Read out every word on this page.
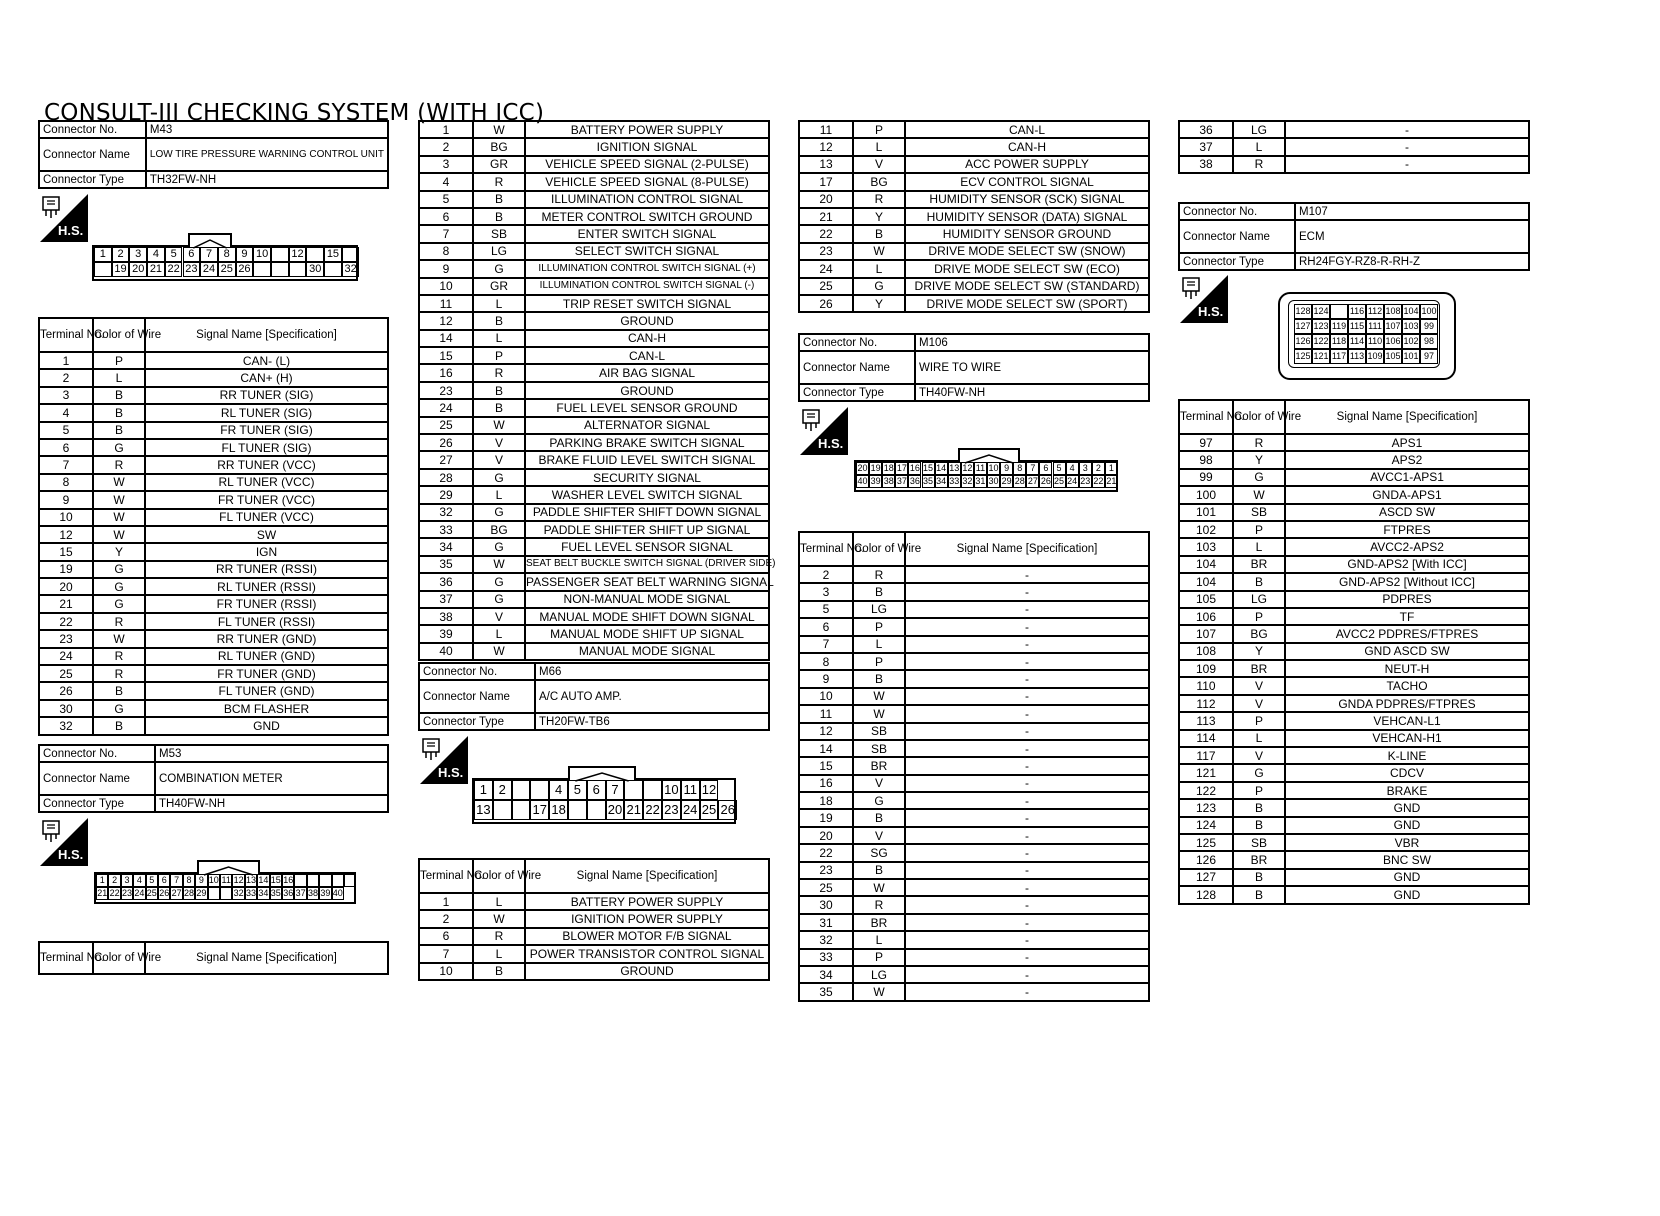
CONSULT-III CHECKING SYSTEM (WITH ICC)
Connector No.	M43
Connector Name	LOW TIRE PRESSURE WARNING CONTROL UNIT
Connector Type	TH32FW-NH
H.S.
1	2	3	4	5	6	7	8	9 10 12 15
19 20 21 22 23 24 25 26	30 32
Terminal No.	Color of Wire	Signal Name [Specification]
1	P	CAN- (L)
2	L	CAN+ (H)
3	B	RR TUNER (SIG)
4	B	RL TUNER (SIG)
5	B	FR TUNER (SIG)
6	G	FL TUNER (SIG)
7	R	RR TUNER (VCC)
8	W	RL TUNER (VCC)
9	W	FR TUNER (VCC)
10	W	FL TUNER (VCC)
12	W	SW
15	Y	IGN
19	G	RR TUNER (RSSI)
20	G	RL TUNER (RSSI)
21	G	FR TUNER (RSSI)
22	R	FL TUNER (RSSI)
23	W	RR TUNER (GND)
24	R	RL TUNER (GND)
25	R	FR TUNER (GND)
26	B	FL TUNER (GND)
30	G	BCM FLASHER
32	B	GND
Connector No.	M53
Connector Name	COMBINATION METER
Connector Type	TH40FW-NH
H.S.
1 2 3 4 5 6 7 8 9 10 11 12 13 14 15 16
21 22 23 24 25 26 27 28 29	32 33 34 35 36 37 38 39 40
Terminal No.	Color of Wire	Signal Name [Specification]
1	W	BATTERY POWER SUPPLY
2	BG	IGNITION SIGNAL
3	GR	VEHICLE SPEED SIGNAL (2-PULSE)
4	R	VEHICLE SPEED SIGNAL (8-PULSE)
5	B	ILLUMINATION CONTROL SIGNAL
6	B	METER CONTROL SWITCH GROUND
7	SB	ENTER SWITCH SIGNAL
8	LG	SELECT SWITCH SIGNAL
9	G	ILLUMINATION CONTROL SWITCH SIGNAL (+)
10	GR	ILLUMINATION CONTROL SWITCH SIGNAL (-)
11	L	TRIP RESET SWITCH SIGNAL
12	B	GROUND
14	L	CAN-H
15	P	CAN-L
16	R	AIR BAG SIGNAL
23	B	GROUND
24	B	FUEL LEVEL SENSOR GROUND
25	W	ALTERNATOR SIGNAL
26	V	PARKING BRAKE SWITCH SIGNAL
27	V	BRAKE FLUID LEVEL SWITCH SIGNAL
28	G	SECURITY SIGNAL
29	L	WASHER LEVEL SWITCH SIGNAL
32	G	PADDLE SHIFTER SHIFT DOWN SIGNAL
33	BG	PADDLE SHIFTER SHIFT UP SIGNAL
34	G	FUEL LEVEL SENSOR SIGNAL
35	W	SEAT BELT BUCKLE SWITCH SIGNAL (DRIVER SIDE)
36	G	PASSENGER SEAT BELT WARNING SIGNAL
37	G	NON-MANUAL MODE SIGNAL
38	V	MANUAL MODE SHIFT DOWN SIGNAL
39	L	MANUAL MODE SHIFT UP SIGNAL
40	W	MANUAL MODE SIGNAL
Connector No.	M66
Connector Name	A/C AUTO AMP.
Connector Type	TH20FW-TB6
H.S.
1 2	4 5 6 7	10 11 12
13	17 18	20 21 22 23 24 25 26
Terminal No.	Color of Wire	Signal Name [Specification]
1	L	BATTERY POWER SUPPLY
2	W	IGNITION POWER SUPPLY
6	R	BLOWER MOTOR F/B SIGNAL
7	L	POWER TRANSISTOR CONTROL SIGNAL
10	B	GROUND
11	P	CAN-L
12	L	CAN-H
13	V	ACC POWER SUPPLY
17	BG	ECV CONTROL SIGNAL
20	R	HUMIDITY SENSOR (SCK) SIGNAL
21	Y	HUMIDITY SENSOR (DATA) SIGNAL
22	B	HUMIDITY SENSOR GROUND
23	W	DRIVE MODE SELECT SW (SNOW)
24	L	DRIVE MODE SELECT SW (ECO)
25	G	DRIVE MODE SELECT SW (STANDARD)
26	Y	DRIVE MODE SELECT SW (SPORT)
Connector No.	M106
Connector Name	WIRE TO WIRE
Connector Type	TH40FW-NH
H.S.
20 19 18 17 16 15 14 13 12 11 10 9 8 7 6 5 4 3 2 1
40 39 38 37 36 35 34 33 32 31 30 29 28 27 26 25 24 23 22 21
Terminal No.	Color of Wire	Signal Name [Specification]
2	R	-
3	B	-
5	LG	-
6	P	-
7	L	-
8	P	-
9	B	-
10	W	-
11	W	-
12	SB	-
14	SB	-
15	BR	-
16	V	-
18	G	-
19	B	-
20	V	-
22	SG	-
23	B	-
25	W	-
30	R	-
31	BR	-
32	L	-
33	P	-
34	LG	-
35	W	-
36	LG	-
37	L	-
38	R	-
Connector No.	M107
Connector Name	ECM
Connector Type	RH24FGY-RZ8-R-RH-Z
H.S.	128 124 116 112 108 104 100
127 123 119 115 111 107 103 99
126 122 118 114 110 106 102 98
125 121 117 113 109 105 101 97
Terminal No.	Color of Wire	Signal Name [Specification]
97	R	APS1
98	Y	APS2
99	G	AVCC1-APS1
100	W	GNDA-APS1
101	SB	ASCD SW
102	P	FTPRES
103	L	AVCC2-APS2
104	BR	GND-APS2 [With ICC]
104	B	GND-APS2 [Without ICC]
105	LG	PDPRES
106	P	TF
107	BG	AVCC2 PDPRES/FTPRES
108	Y	GND ASCD SW
109	BR	NEUT-H
110	V	TACHO
112	V	GNDA PDPRES/FTPRES
113	P	VEHCAN-L1
114	L	VEHCAN-H1
117	V	K-LINE
121	G	CDCV
122	P	BRAKE
123	B	GND
124	B	GND
125	SB	VBR
126	BR	BNC SW
127	B	GND
128	B	GND
